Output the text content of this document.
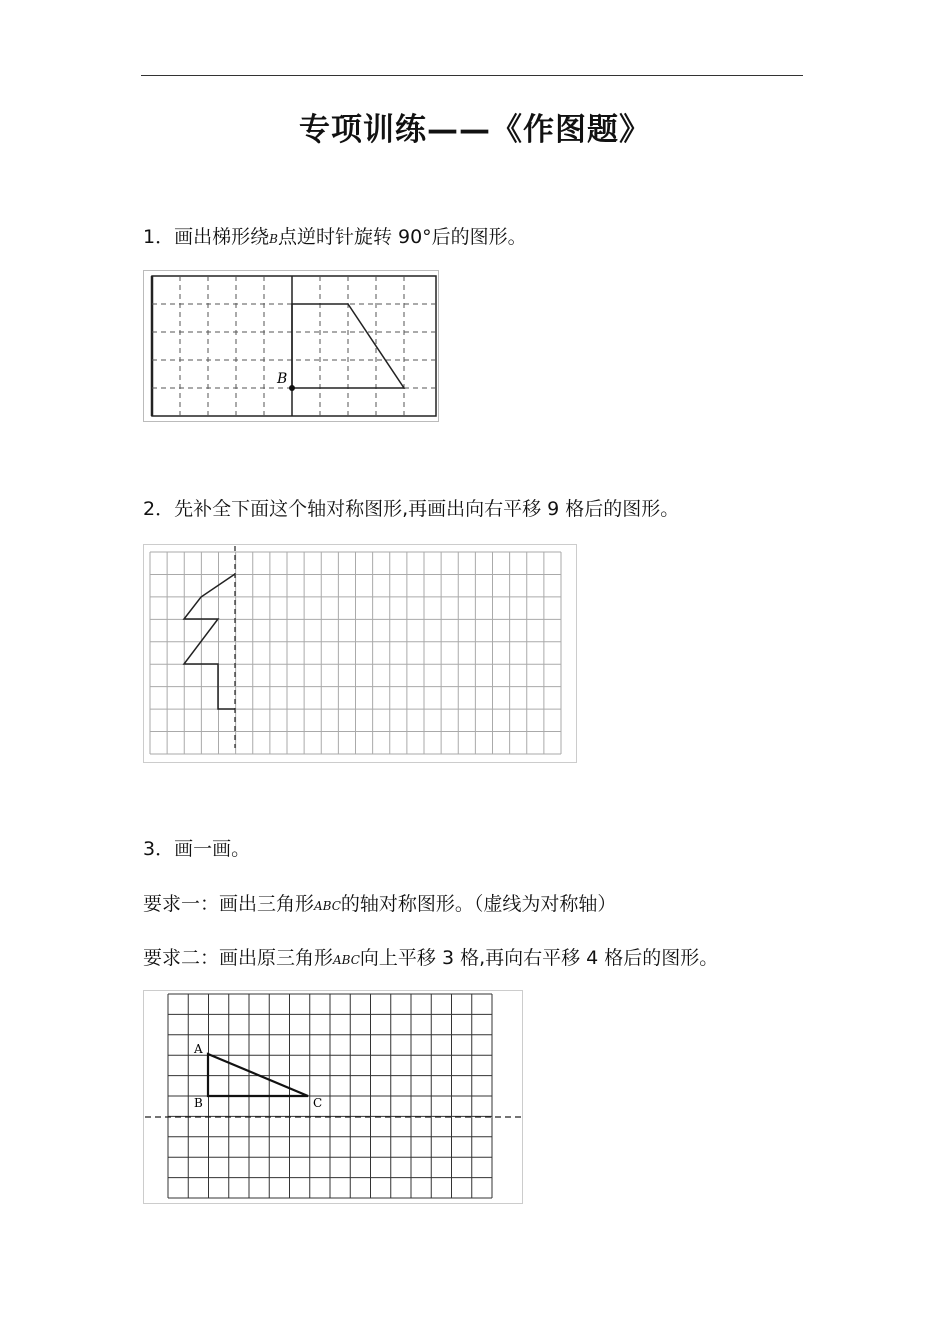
专项训练——《作图题》
1．画出梯形绕B点逆时针旋转 90°后的图形。
B
2．先补全下面这个轴对称图形,再画出向右平移 9 格后的图形。
3．画一画。
要求一：画出三角形ABC的轴对称图形。（虚线为对称轴）
要求二：画出原三角形ABC向上平移 3 格,再向右平移 4 格后的图形。
A
B	C
